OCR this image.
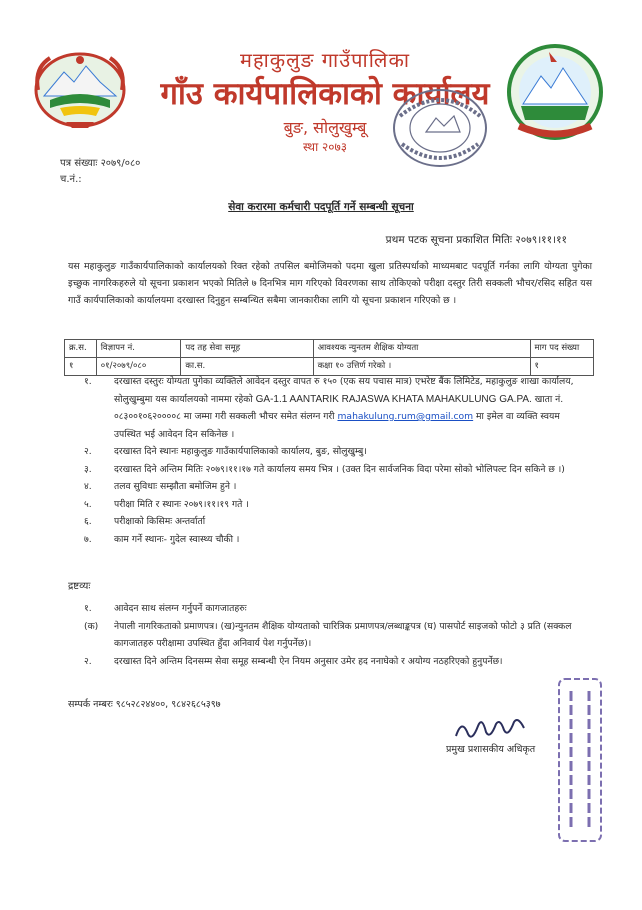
महाकुलुङ गाउँपालिका
गाँउ कार्यपालिकाको कार्यालय
बुङ, सोलुखुम्बू
स्था २०७३
पत्र संख्याः २०७९/०८०
च.नं.:
सेवा करारमा कर्मचारी पदपूर्ति गर्ने सम्बन्धी सूचना
प्रथम पटक सूचना प्रकाशित मितिः २०७९।११।११
यस महाकुलुङ गाउँकार्यपालिकाको कार्यालयको रिक्त रहेको तपसिल बमोजिमको पदमा खुला प्रतिस्पर्धाको माध्यमबाट पदपूर्ति गर्नका लागि योग्यता पुगेका इच्छुक नागरिकहरुले यो सूचना प्रकाशन भएको मितिले ७ दिनभित्र माग गरिएको विवरणका साथ तोकिएको परीक्षा दस्तुर तिरी सक्कली भौचर/रसिद सहित यस गाउँ कार्यपालिकाको कार्यालयमा दरखास्त दिनुहुन सम्बन्धित सबैमा जानकारीका लागि यो सूचना प्रकाशन गरिएको छ ।
क्र.स.	विज्ञापन नं.	पद तह सेवा समूह	आवश्यक न्युनतम शैक्षिक योग्यता	माग पद संख्या
१	०१/२०७९/०८०	का.स.	कक्षा १० उत्तिर्ण गरेको ।	१
१. दरखास्त दस्तुरः योग्यता पुगेका व्यक्तिले आवेदन दस्तुर वापत रु १५० (एक सय पचास मात्र) एभरेष्ट बैंक लिमिटेड, महाकुलुङ शाखा कार्यालय, सोलुखुम्बुमा यस कार्यालयको नाममा रहेको GA-1.1 AANTARIK RAJASWA KHATA MAHAKULUNG GA.PA. खाता नं. ०८३००१०६२००००८ मा जम्मा गरी सक्कली भौचर समेत संलग्न गरी mahakulung.rum@gmail.com मा इमेल वा व्यक्ति स्वयम उपस्थित भई आवेदन दिन सकिनेछ ।
२. दरखास्त दिने स्थानः महाकुलुङ गाउँकार्यपालिकाको कार्यालय, बुङ, सोलुखुम्बु।
३. दरखास्त दिने अन्तिम मितिः २०७९।११।१७ गते कार्यालय समय भित्र । (उक्त दिन सार्वजनिक विदा परेमा सोको भोलिपल्ट दिन सकिने छ ।)
४. तलव सुविधाः सम्झौता बमोजिम हुने ।
५. परीक्षा मिति र स्थानः २०७९।११।१९ गते ।
६. परीक्षाको किसिमः अन्तर्वार्ता
७. काम गर्ने स्थानः- गुदेल स्वास्थ्य चौकी ।
द्रष्टव्यः
१. आवेदन साथ संलग्न गर्नुपर्ने कागजातहरुः
(क) नेपाली नागरिकताको प्रमाणपत्र। (ख)न्युनतम शैक्षिक योग्यताको चारित्रिक प्रमाणपत्र/लब्धाङ्कपत्र (घ) पासपोर्ट साइजको फोटो ३ प्रति (सक्कल कागजातहरु परीक्षामा उपस्थित हुँदा अनिवार्य पेश गर्नुपर्नेछ)।
२. दरखास्त दिने अन्तिम दिनसम्म सेवा समूह सम्बन्धी ऐन नियम अनुसार उमेर हद ननाघेको र अयोग्य नठहरिएको हुनुपर्नेछ।
सम्पर्क नम्बरः ९८५२८२४४००, ९८४२६८५३९७
प्रमुख प्रशासकीय अधिकृत
